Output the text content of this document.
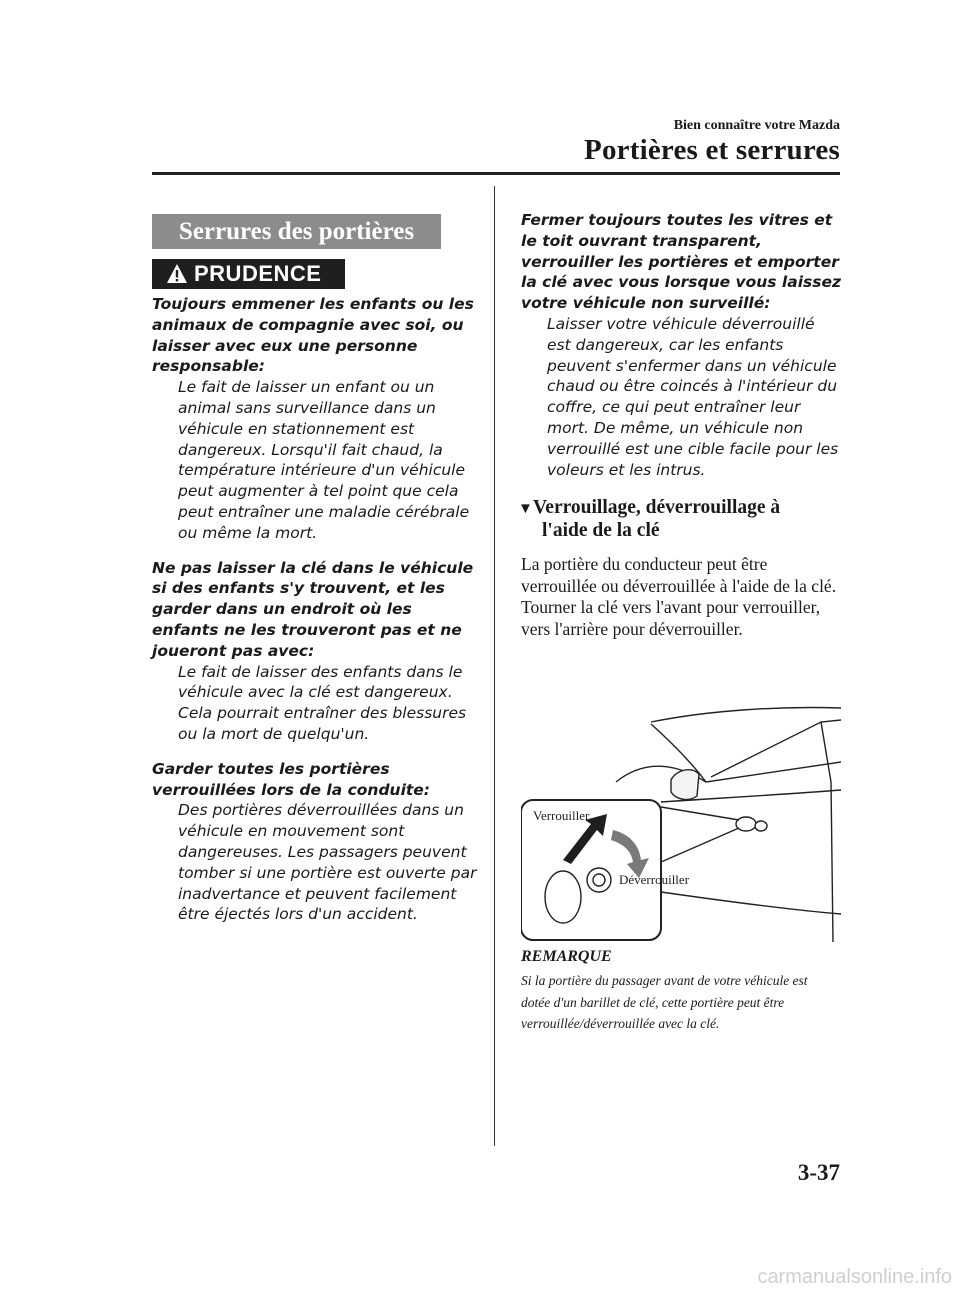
Bien connaître votre Mazda
Portières et serrures
Serrures des portières
PRUDENCE

Toujours emmener les enfants ou les animaux de compagnie avec soi, ou laisser avec eux une personne responsable:

Le fait de laisser un enfant ou un animal sans surveillance dans un véhicule en stationnement est dangereux. Lorsqu'il fait chaud, la température intérieure d'un véhicule peut augmenter à tel point que cela peut entraîner une maladie cérébrale ou même la mort.

Ne pas laisser la clé dans le véhicule si des enfants s'y trouvent, et les garder dans un endroit où les enfants ne les trouveront pas et ne joueront pas avec:

Le fait de laisser des enfants dans le véhicule avec la clé est dangereux. Cela pourrait entraîner des blessures ou la mort de quelqu'un.

Garder toutes les portières verrouillées lors de la conduite:

Des portières déverrouillées dans un véhicule en mouvement sont dangereuses. Les passagers peuvent tomber si une portière est ouverte par inadvertance et peuvent facilement être éjectés lors d'un accident.

Fermer toujours toutes les vitres et le toit ouvrant transparent, verrouiller les portières et emporter la clé avec vous lorsque vous laissez votre véhicule non surveillé:

Laisser votre véhicule déverrouillé est dangereux, car les enfants peuvent s'enfermer dans un véhicule chaud ou être coincés à l'intérieur du coffre, ce qui peut entraîner leur mort. De même, un véhicule non verrouillé est une cible facile pour les voleurs et les intrus.

▼ Verrouillage, déverrouillage à
l'aide de la clé

La portière du conducteur peut être verrouillée ou déverrouillée à l'aide de la clé.

Tourner la clé vers l'avant pour verrouiller, vers l'arrière pour déverrouiller.

Verrouiller
Déverrouiller
REMARQUE
Si la portière du passager avant de votre véhicule est dotée d'un barillet de clé, cette portière peut être verrouillée/déverrouillée avec la clé.
3-37
carmanualsonline.info
